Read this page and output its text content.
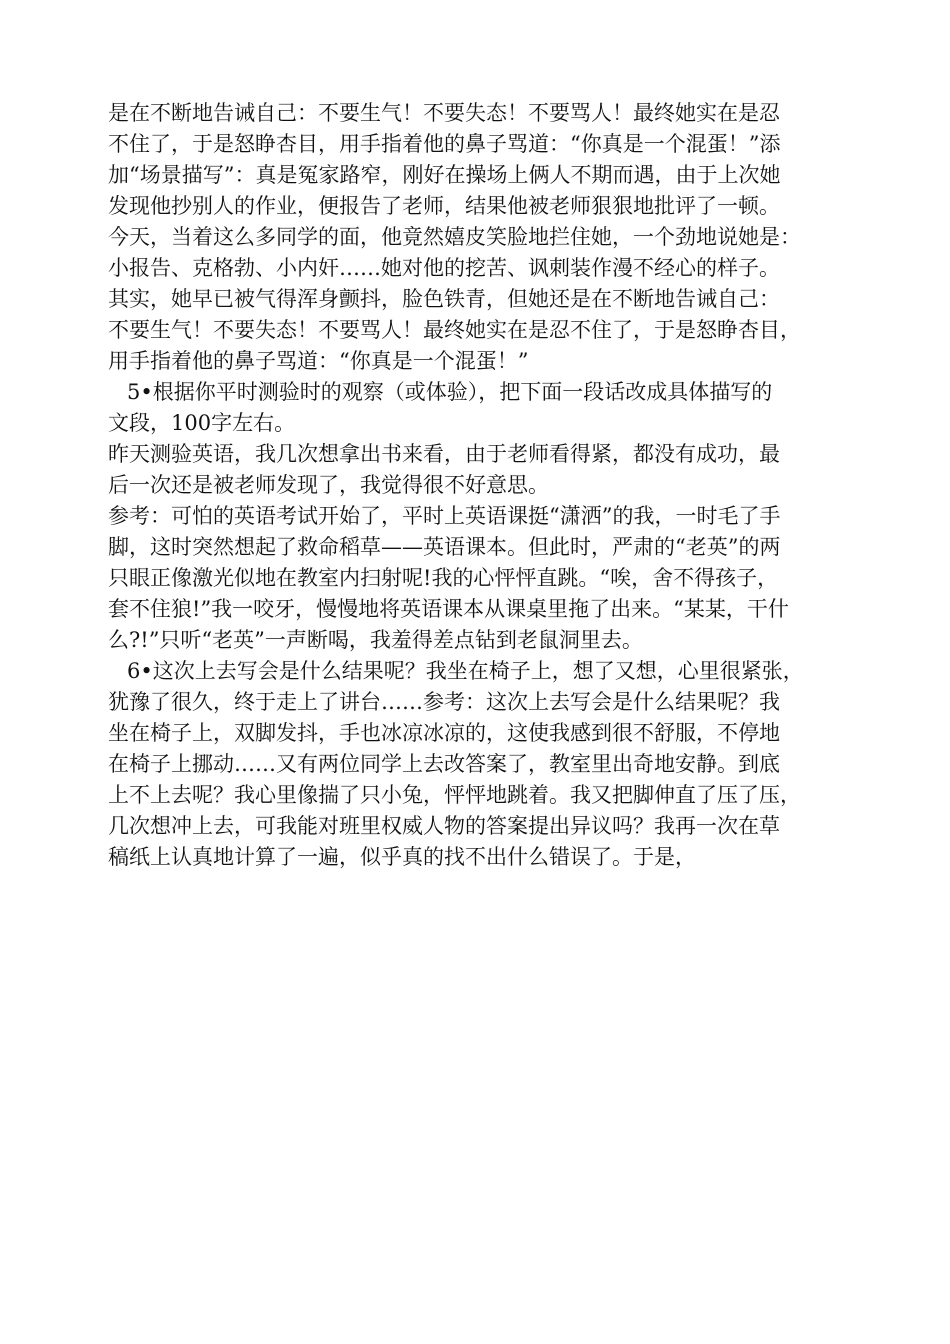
是在不断地告诫自己：不要生气！不要失态！不要骂人！最终她实在是忍
不住了，于是怒睁杏目，用手指着他的鼻子骂道：“你真是一个混蛋！”添
加“场景描写”：真是冤家路窄，刚好在操场上俩人不期而遇，由于上次她
发现他抄别人的作业，便报告了老师，结果他被老师狠狠地批评了一顿。
今天，当着这么多同学的面，他竟然嬉皮笑脸地拦住她，一个劲地说她是：
小报告、克格勃、小内奸……她对他的挖苦、讽刺装作漫不经心的样子。
其实，她早已被气得浑身颤抖，脸色铁青，但她还是在不断地告诫自己：
不要生气！不要失态！不要骂人！最终她实在是忍不住了，于是怒睁杏目，
用手指着他的鼻子骂道：“你真是一个混蛋！”
5•根据你平时测验时的观察（或体验），把下面一段话改成具体描写的
文段，100字左右。
昨天测验英语，我几次想拿出书来看，由于老师看得紧，都没有成功，最
后一次还是被老师发现了，我觉得很不好意思。
参考：可怕的英语考试开始了，平时上英语课挺“潇洒”的我，一时毛了手
脚，这时突然想起了救命稻草——英语课本。但此时，严肃的“老英”的两
只眼正像激光似地在教室内扫射呢!我的心怦怦直跳。“唉，舍不得孩子，
套不住狼!”我一咬牙，慢慢地将英语课本从课桌里拖了出来。“某某，干什
么?!”只听“老英”一声断喝，我羞得差点钻到老鼠洞里去。
6•这次上去写会是什么结果呢？我坐在椅子上，想了又想，心里很紧张，
犹豫了很久，终于走上了讲台……参考：这次上去写会是什么结果呢？我
坐在椅子上，双脚发抖，手也冰凉冰凉的，这使我感到很不舒服，不停地
在椅子上挪动……又有两位同学上去改答案了，教室里出奇地安静。到底
上不上去呢？我心里像揣了只小兔，怦怦地跳着。我又把脚伸直了压了压，
几次想冲上去，可我能对班里权威人物的答案提出异议吗？我再一次在草
稿纸上认真地计算了一遍，似乎真的找不出什么错误了。于是，
